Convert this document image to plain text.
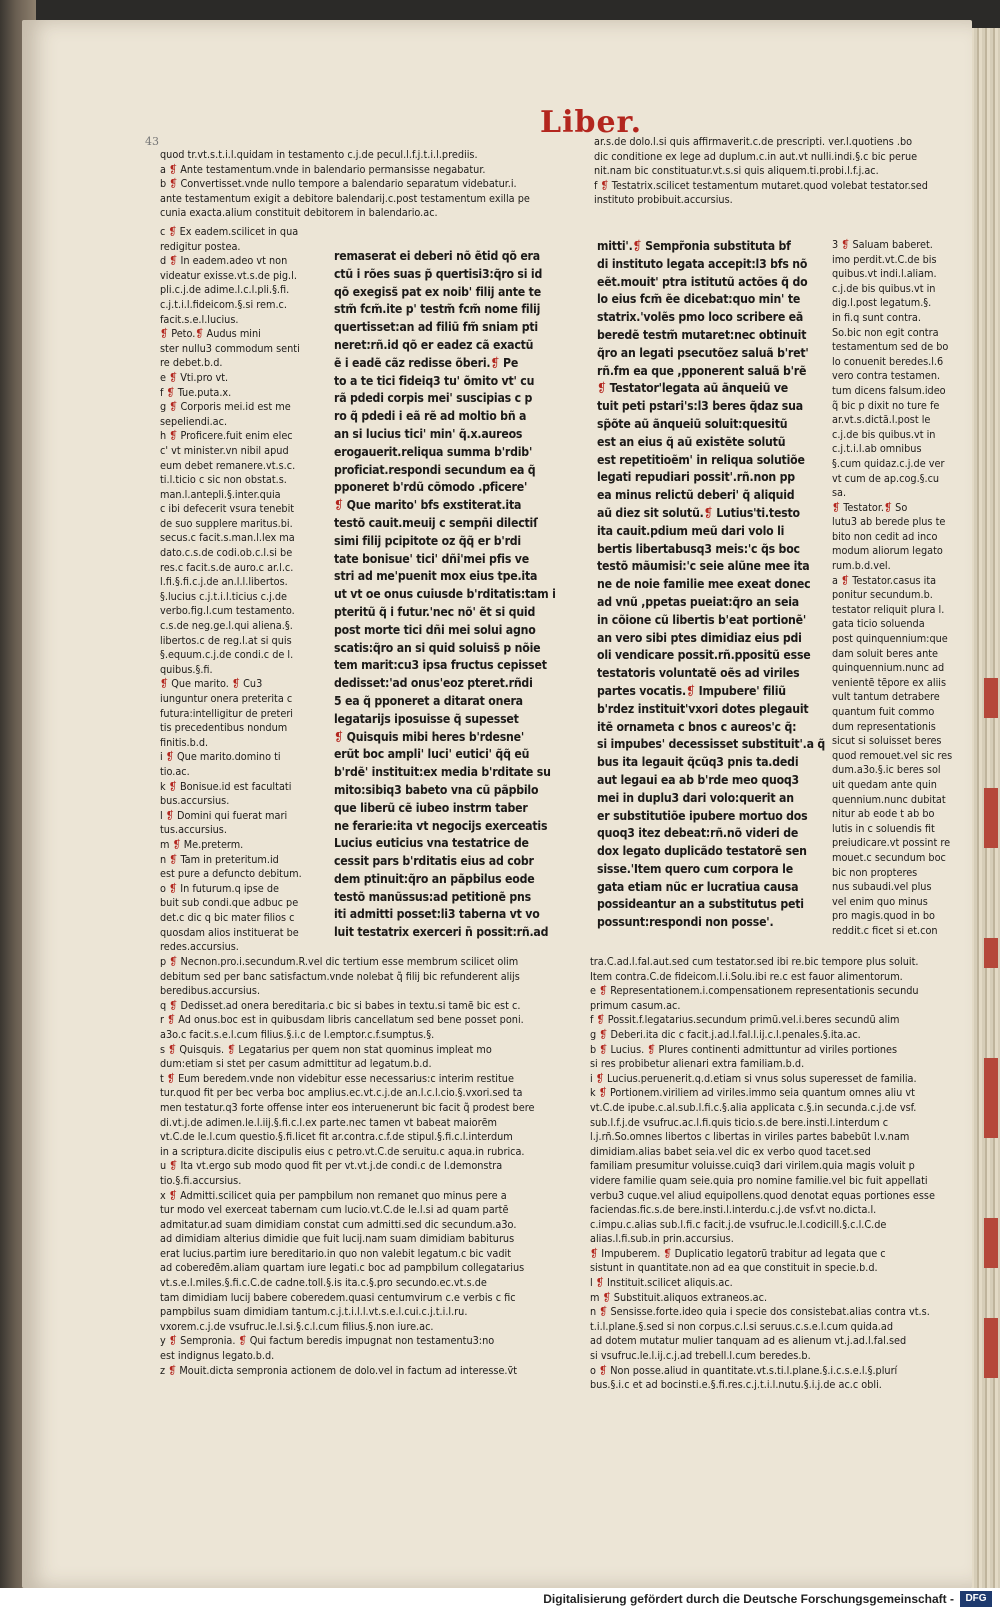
Liber.
43
quod tr.vt.s.t.i.l.quidam in testamento c.j.de pecul.l.f.j.t.i.l.prediis.
a ❡ Ante testamentum.vnde in balendario permansisse negabatur.
b ❡ Convertisset.vnde nullo tempore a balendario separatum videbatur.i.
ante testamentum exigit a debitore balendarij.c.post testamentum exilla pe
cunia exacta.alium constituit debitorem in balendario.ac.
ar.s.de dolo.l.si quis affirmaverit.c.de prescripti. ver.l.quotiens .bo
dic conditione ex lege ad duplum.c.in aut.vt nulli.indi.§.c bic perue
nit.nam bic constituatur.vt.s.si quis aliquem.ti.probi.l.f.j.ac.
f ❡ Testatrix.scilicet testamentum mutaret.quod volebat testator.sed
instituto probibuit.accursius.
c ❡ Ex eadem.scilicet in qua
redigitur postea.
d ❡ In eadem.adeo vt non
videatur exisse.vt.s.de pig.l.
pli.c.j.de adime.l.c.l.pli.§.fi.
c.j.t.i.l.fideicom.§.si rem.c.
facit.s.e.l.lucius.
❡ Peto.❡ Audus mini
ster nullu3 commodum senti
re debet.b.d.
e ❡ Vti.pro vt.
f ❡ Tue.puta.x.
g ❡ Corporis mei.id est me
sepeliendi.ac.
h ❡ Proficere.fuit enim elec
c' vt minister.vn nibil apud
eum debet remanere.vt.s.c.
ti.l.ticio c sic non obstat.s.
man.l.antepli.§.inter.quia
c ibi defecerit vsura tenebit
de suo supplere maritus.bi.
secus.c facit.s.man.l.lex ma
dato.c.s.de codi.ob.c.l.si be
res.c facit.s.de auro.c ar.l.c.
l.fi.§.fi.c.j.de an.l.l.libertos.
§.lucius c.j.t.i.l.ticius c.j.de
verbo.fig.l.cum testamento.
c.s.de neg.ge.l.qui aliena.§.
libertos.c de reg.l.at si quis
§.equum.c.j.de condi.c de l.
quibus.§.fi.
❡ Que marito. ❡ Cu3
iunguntur onera preterita c
futura:intelligitur de preteri
tis precedentibus nondum
finitis.b.d.
i ❡ Que marito.domino ti
tio.ac.
k ❡ Bonisue.id est facultati
bus.accursius.
l ❡ Domini qui fuerat mari
tus.accursius.
m ❡ Me.preterm.
n ❡ Tam in preteritum.id
est pure a defuncto debitum.
o ❡ In futurum.q ipse de
buit sub condi.que adbuc pe
det.c dic q bic mater filios c
quosdam alios instituerat be
redes.accursius.
remaserat ei deberi nõ ẽtid qõ era
ctũ i rões suas p̃ quertisi3:q̃ro si id
qõ exegiss̃ pat ex noib' filij ante te
stm̃ fcm̃.ite p' testm̃ fcm̃ nome filij
quertisset:an ad filiũ fm̃ sniam pti
neret:rñ.id qõ er eadez cã exactũ
ẽ i eadẽ cãz redisse õberi.❡ Pe
to a te tici fideiq3 tu' õmito vt' cu
rã pdedi corpis mei' suscipias c p
ro q̃ pdedi i eã rẽ ad moltio bñ a
an si lucius tici' min' q̃.x.aureos
erogauerit.reliqua summa b'rdib'
proficiat.respondi secundum ea q̃
pponeret b'rdũ cõmodo .pficere'
❡ Que marito' bfs exstiterat.ita
testõ cauit.meuij c sempñi dilectiſ
simi filij pcipitote oz q̃q̃ er b'rdi
tate bonisue' tici' dñi'mei pfis ve
stri ad me'puenit mox eius tpe.ita
ut vt oe onus cuiusde b'rditatis:tam i
pteritũ q̃ i futur.'nec nõ' ẽt si quid
post morte tici dñi mei solui agno
scatis:q̃ro an si quid soluiss̃ p nõie
tem marit:cu3 ipsa fructus cepisset
dedisset:'ad onus'eoz pteret.rñdi
5 ea q̃ pponeret a ditarat onera
legatarijs iposuisse q̃ supesset
❡ Quisquis mibi heres b'rdesne'
erũt boc ampli' luci' eutici' q̃q̃ eũ
b'rdẽ' instituit:ex media b'rditate su
mito:sibiq3 babeto vna cũ pãpbilo
que liberũ cẽ iubeo instrm taber
ne ferarie:ita vt negocijs exerceatis
Lucius euticius vna testatrice de
cessit pars b'rditatis eius ad cobr
dem ptinuit:q̃ro an pãpbilus eode
testõ manũssus:ad petitionẽ pns
iti admitti posset:li3 taberna vt vo
luit testatrix exerceri n̄ possit:rñ.ad
mitti'.❡ Sempr̃onia substituta bf
di instituto legata accepit:l3 bfs nõ
eẽt.mouit' ptra istitutũ actões q̃ do
lo eius fcm̃ ẽe dicebat:quo min' te
statrix.'volẽs pmo loco scribere eã
beredẽ testm̃ mutaret:nec obtinuit
q̃ro an legati psecutõez saluã b'ret'
rñ.fm ea que ,pponerent saluã b'rẽ
❡ Testator'legata aũ ãnqueiũ ve
tuit peti pstari's:l3 beres q̃daz sua
sp̃õte aũ ãnqueiũ soluit:quesitũ
est an eius q̃ aũ existẽte solutũ
est repetitioẽm' in reliqua solutiõe
legati repudiari possit'.rñ.non pp
ea minus relictũ deberi' q̃ aliquid
aũ diez sit solutũ.❡ Lutius'ti.testo
ita cauit.pdium meũ dari volo li
bertis libertabusq3 meis:'c q̃s boc
testõ mãumisi:'c seie alũne mee ita
ne de noie familie mee exeat donec
ad vnũ ,ppetas pueiat:q̃ro an seia
in cõione cũ libertis b'eat portionẽ'
an vero sibi ptes dimidiaz eius pdi
oli vendicare possit.rñ.ppositũ esse
testatoris voluntatẽ oẽs ad viriles
partes vocatis.❡ Impubere' filiũ
b'rdez instituit'vxori dotes plegauit
itẽ ornameta c bnos c aureos'c q̃:
si impubes' decessisset substituit'.a q̃
bus ita legauit q̃cũq3 pnis ta.dedi
aut legaui ea ab b'rde meo quoq3
mei in duplu3 dari volo:querit an
er substitutiõe ipubere mortuo dos
quoq3 itez debeat:rñ.nõ videri de
dox legato duplicãdo testatorẽ sen
sisse.'Item quero cum corpora le
gata etiam nũc er lucratiua causa
possideantur an a substitutus peti
possunt:respondi non posse'.
3 ❡ Saluam baberet.
imo perdit.vt.C.de bis
quibus.vt indi.l.aliam.
c.j.de bis quibus.vt in
dig.l.post legatum.§.
in fi.q sunt contra.
So.bic non egit contra
testamentum sed de bo
lo conuenit beredes.l.6
vero contra testamen.
tum dicens falsum.ideo
q̃ bic p dixit no ture fe
ar.vt.s.dictã.l.post le
c.j.de bis quibus.vt in
c.j.t.i.l.ab omnibus
§.cum quidaz.c.j.de ver
vt cum de ap.cog.§.cu
sa.
❡ Testator.❡ So
lutu3 ab berede plus te
bito non cedit ad inco
modum aliorum legato
rum.b.d.vel.
a ❡ Testator.casus ita
ponitur secundum.b.
testator reliquit plura l.
gata ticio soluenda
post quinquennium:que
dam soluit beres ante
quinquennium.nunc ad
venientẽ tẽpore ex aliis
vult tantum detrabere
quantum fuit commo
dum representationis
sicut si soluisset beres
quod remouet.vel sic res
dum.a3o.§.ic beres sol
uit quedam ante quin
quennium.nunc dubitat
nitur ab eode t ab bo
lutis in c soluendis fit
preiudicare.vt possint re
mouet.c secundum boc
bic non propteres
nus subaudi.vel plus
vel enim quo minus
pro magis.quod in bo
reddit.c ficet si et.con
p ❡ Necnon.pro.i.secundum.R.vel dic tertium esse membrum scilicet olim
debitum sed per banc satisfactum.vnde nolebat q̃ filij bic refunderent alijs
beredibus.accursius.
q ❡ Dedisset.ad onera bereditaria.c bic si babes in textu.si tamẽ bic est c.
r ❡ Ad onus.boc est in quibusdam libris cancellatum sed bene posset poni.
a3o.c facit.s.e.l.cum filius.§.i.c de l.emptor.c.f.sumptus.§.
s ❡ Quisquis. ❡ Legatarius per quem non stat quominus impleat mo
dum:etiam si stet per casum admittitur ad legatum.b.d.
t ❡ Eum beredem.vnde non videbitur esse necessarius:c interim restitue
tur.quod fit per bec verba boc amplius.ec.vt.c.j.de an.l.c.l.cio.§.vxori.sed ta
men testatur.q3 forte offense inter eos interuenerunt bic facit q̃ prodest bere
di.vt.j.de adimen.le.l.iij.§.fi.c.l.ex parte.nec tamen vt babeat maiorẽm
vt.C.de le.l.cum questio.§.fi.licet fit ar.contra.c.f.de stipul.§.fi.c.l.interdum
in a scriptura.dicite discipulis eius c petro.vt.C.de seruitu.c aqua.in rubrica.
u ❡ Ita vt.ergo sub modo quod fit per vt.vt.j.de condi.c de l.demonstra
tio.§.fi.accursius.
x ❡ Admitti.scilicet quia per pampbilum non remanet quo minus pere a
tur modo vel exerceat tabernam cum lucio.vt.C.de le.l.si ad quam partẽ
admitatur.ad suam dimidiam constat cum admitti.sed dic secundum.a3o.
ad dimidiam alterius dimidie que fuit lucij.nam suam dimidiam babiturus
erat lucius.partim iure bereditario.in quo non valebit legatum.c bic vadit
ad cobeređẽm.aliam quartam iure legati.c boc ad pampbilum collegatarius
vt.s.e.l.miles.§.fi.c.C.de cadne.toll.§.is ita.c.§.pro secundo.ec.vt.s.de
tam dimidiam lucij babere coberedem.quasi centumvirum c.e verbis c fic
pampbilus suam dimidiam tantum.c.j.t.i.l.l.vt.s.e.l.cui.c.j.t.i.l.ru.
vxorem.c.j.de vsufruc.le.l.si.§.c.l.cum filius.§.non iure.ac.
y ❡ Sempronia. ❡ Qui factum beredis impugnat non testamentu3:no
est indignus legato.b.d.
z ❡ Mouit.dicta sempronia actionem de dolo.vel in factum ad interesse.ṽt
tra.C.ad.l.fal.aut.sed cum testator.sed ibi re.bic tempore plus soluit.
Item contra.C.de fideicom.l.i.Solu.ibi re.c est fauor alimentorum.
e ❡ Representationem.i.compensationem representationis secundu
primum casum.ac.
f ❡ Possit.f.legatarius.secundum primũ.vel.i.beres secundũ alim
g ❡ Deberi.ita dic c facit.j.ad.l.fal.l.ij.c.l.penales.§.ita.ac.
b ❡ Lucius. ❡ Plures continenti admittuntur ad viriles portiones
si res probibetur alienari extra familiam.b.d.
i ❡ Lucius.peruenerit.q.d.etiam si vnus solus superesset de familia.
k ❡ Portionem.viriliem ad viriles.immo seia quantum omnes aliu vt
vt.C.de ipube.c.al.sub.l.fi.c.§.alia applicata c.§.in secunda.c.j.de vsf.
sub.l.f.j.de vsufruc.ac.l.fi.quis ticio.s.de bere.insti.l.interdum c
l.j.rñ.So.omnes libertos c libertas in viriles partes babebũt l.v.nam
dimidiam.alias babet seia.vel dic ex verbo quod tacet.sed
familiam presumitur voluisse.cuiq3 dari virilem.quia magis voluit p
videre familie quam seie.quia pro nomine familie.vel bic fuit appellati
verbu3 cuque.vel aliud equipollens.quod denotat equas portiones esse
faciendas.fic.s.de bere.insti.l.interdu.c.j.de vsf.vt no.dicta.l.
c.impu.c.alias sub.l.fi.c facit.j.de vsufruc.le.l.codicill.§.c.l.C.de
alias.l.fi.sub.in prin.accursius.
❡ Impuberem. ❡ Duplicatio legatorũ trabitur ad legata que c
sistunt in quantitate.non ad ea que constituit in specie.b.d.
l ❡ Instituit.scilicet aliquis.ac.
m ❡ Substituit.aliquos extraneos.ac.
n ❡ Sensisse.forte.ideo quia i specie dos consistebat.alias contra vt.s.
t.i.l.plane.§.sed si non corpus.c.l.si seruus.c.s.e.l.cum quida.ad
ad dotem mutatur mulier tanquam ad es alienum vt.j.ad.l.fal.sed
si vsufruc.le.l.ij.c.j.ad trebell.l.cum beredes.b.
o ❡ Non posse.aliud in quantitate.vt.s.ti.l.plane.§.i.c.s.e.l.§.plurí
bus.§.i.c et ad bocinsti.e.§.fi.res.c.j.t.i.l.nutu.§.i.j.de ac.c obli.
Digitalisierung gefördert durch die Deutsche Forschungsgemeinschaft -	DFG
